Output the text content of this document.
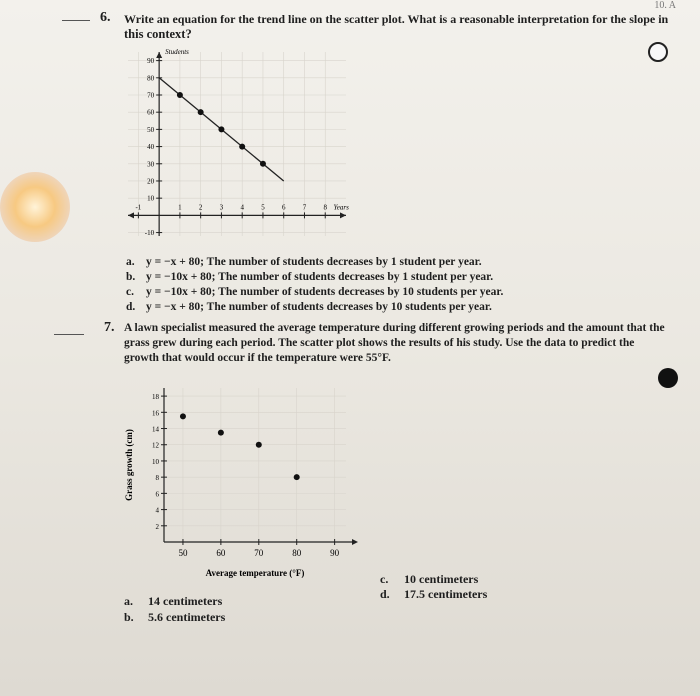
10. A
6. Write an equation for the trend line on the scatter plot. What is a reasonable interpretation for the slope in
this context?
-1	1 2 3 4 5 6 7 8
-10
10
20
30
40
50
60
70
80
90
Students
Years
a. y = −x + 80; The number of students decreases by 1 student per year.
b. y = −10x + 80; The number of students decreases by 1 student per year.
c. y = −10x + 80; The number of students decreases by 10 students per year.
d. y = −x + 80; The number of students decreases by 10 students per year.
7. A lawn specialist measured the average temperature during different growing periods and the amount that the
grass grew during each period. The scatter plot shows the results of his study. Use the data to predict the
growth that would occur if the temperature were 55°F.
50	60	70	80	90
2
4
6
8
10
12
14
16
18
Average temperature (°F)
Grass growth (cm)
a. 14 centimeters
b. 5.6 centimeters
c. 10 centimeters
d. 17.5 centimeters
